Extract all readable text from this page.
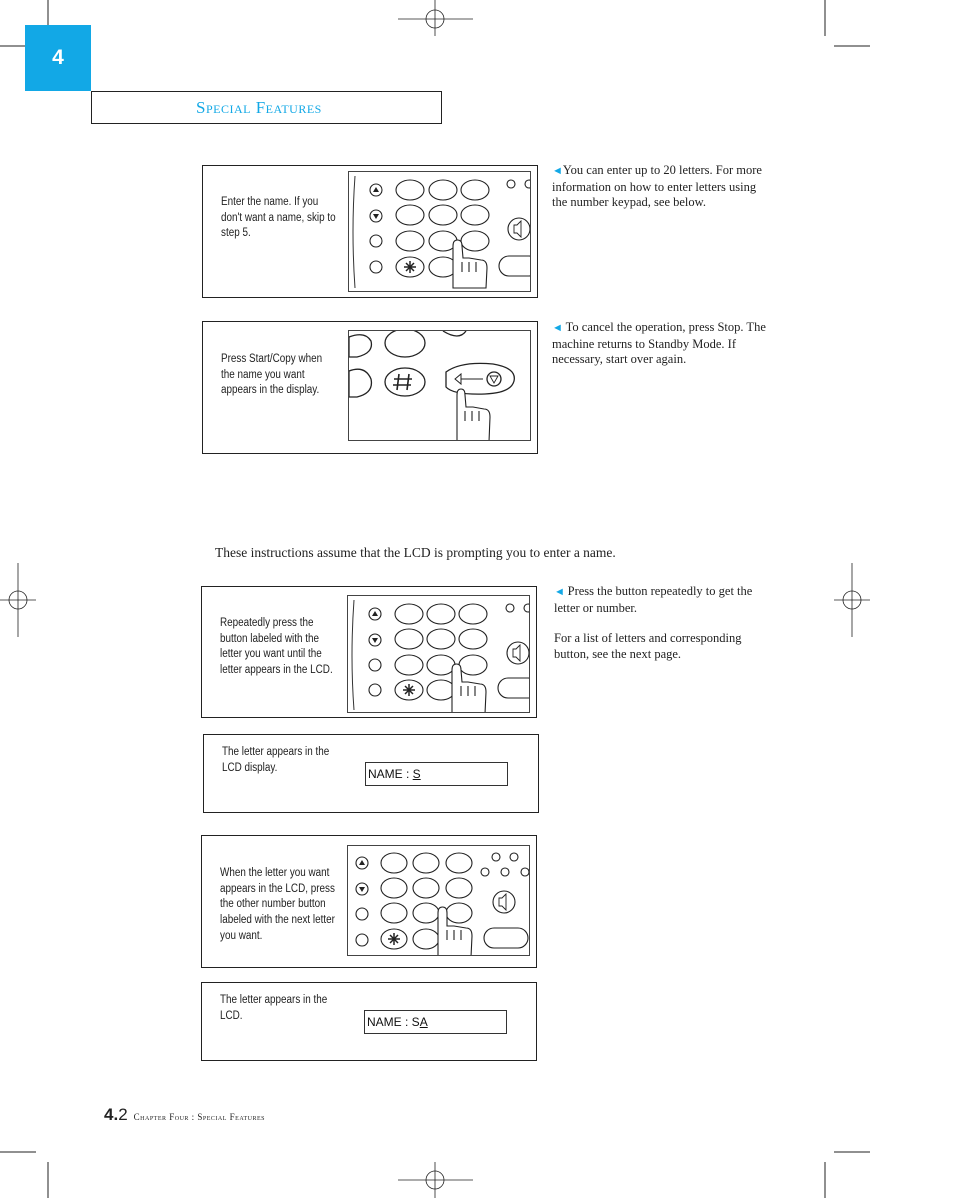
4
Special Features
Enter the name. If you don't want a name, skip to step 5.
◄You can enter up to 20 letters. For more information on how to enter letters using the number keypad, see below.
Press Start/Copy when the name you want appears in the display.
◄ To cancel the operation, press Stop. The machine returns to Standby Mode. If necessary, start over again.
These instructions assume that the LCD is prompting you to enter a name.
Repeatedly press the button labeled with the letter you want until the letter appears in the LCD.
◄ Press the button repeatedly to get the letter or number.
For a list of letters and corresponding button, see the next page.
The letter appears in the LCD display.	NAME : S
When the letter you want appears in the LCD, press the other number button labeled with the next letter you want.
The letter appears in the LCD.	NAME : S A
4.2 Chapter Four : Special Features
